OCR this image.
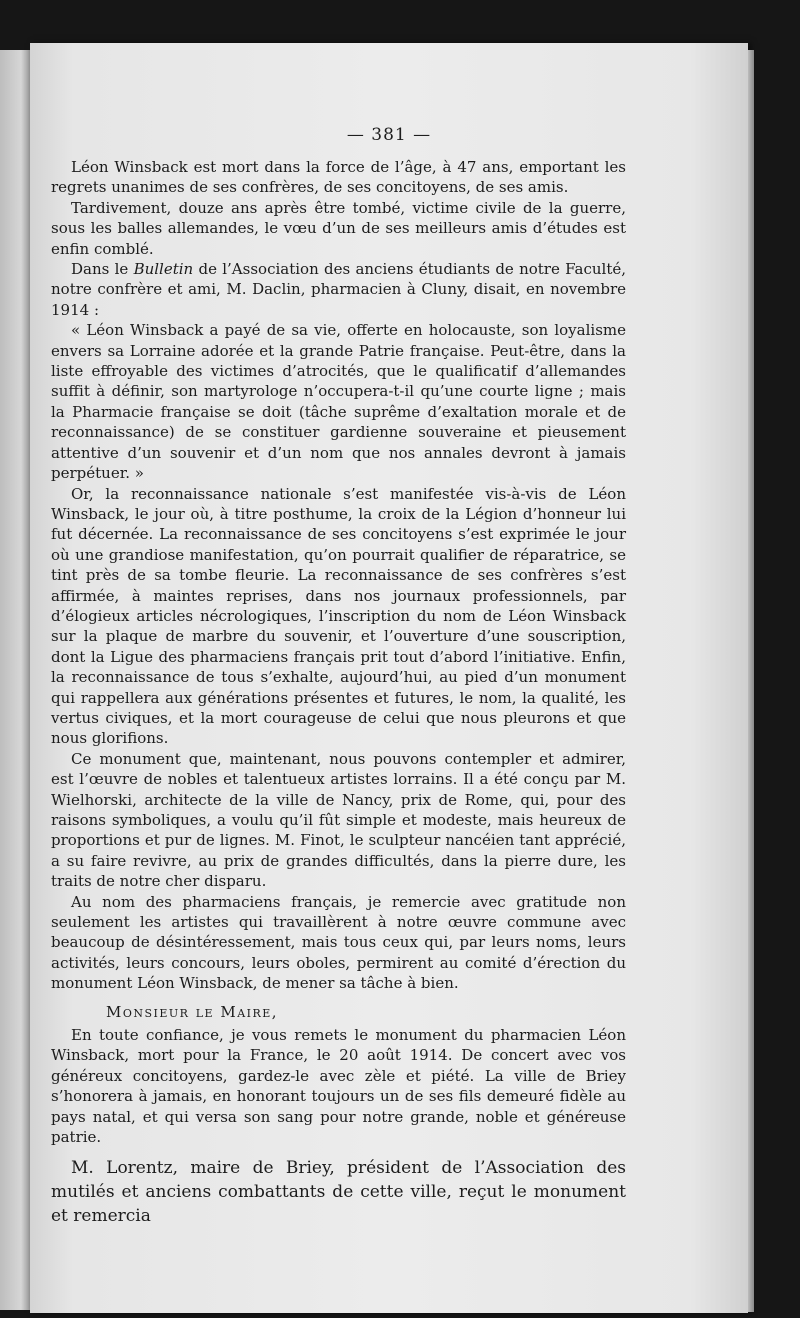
— 381 —

Léon Winsback est mort dans la force de l’âge, à 47 ans, emportant les regrets unanimes de ses confrères, de ses concitoyens, de ses amis.

Tardivement, douze ans après être tombé, victime civile de la guerre, sous les balles allemandes, le vœu d’un de ses meilleurs amis d’études est enfin comblé.

Dans le Bulletin de l’Association des anciens étudiants de notre Faculté, notre confrère et ami, M. Daclin, pharmacien à Cluny, disait, en novembre 1914 :

« Léon Winsback a payé de sa vie, offerte en holocauste, son loyalisme envers sa Lorraine adorée et la grande Patrie française. Peut-être, dans la liste effroyable des victimes d’atrocités, que le qualificatif d’allemandes suffit à définir, son martyrologe n’occupera-t-il qu’une courte ligne ; mais la Pharmacie française se doit (tâche suprême d’exaltation morale et de reconnaissance) de se constituer gardienne souveraine et pieusement attentive d’un souvenir et d’un nom que nos annales devront à jamais perpétuer. »

Or, la reconnaissance nationale s’est manifestée vis-à-vis de Léon Winsback, le jour où, à titre posthume, la croix de la Légion d’honneur lui fut décernée. La reconnaissance de ses concitoyens s’est exprimée le jour où une grandiose manifestation, qu’on pourrait qualifier de réparatrice, se tint près de sa tombe fleurie. La reconnaissance de ses confrères s’est affirmée, à maintes reprises, dans nos journaux professionnels, par d’élogieux articles nécrologiques, l’inscription du nom de Léon Winsback sur la plaque de marbre du souvenir, et l’ouverture d’une souscription, dont la Ligue des pharmaciens français prit tout d’abord l’initiative. Enfin, la reconnaissance de tous s’exhalte, aujourd’hui, au pied d’un monument qui rappellera aux générations présentes et futures, le nom, la qualité, les vertus civiques, et la mort courageuse de celui que nous pleurons et que nous glorifions.

Ce monument que, maintenant, nous pouvons contempler et admirer, est l’œuvre de nobles et talentueux artistes lorrains. Il a été conçu par M. Wielhorski, architecte de la ville de Nancy, prix de Rome, qui, pour des raisons symboliques, a voulu qu’il fût simple et modeste, mais heureux de proportions et pur de lignes. M. Finot, le sculpteur nancéien tant apprécié, a su faire revivre, au prix de grandes difficultés, dans la pierre dure, les traits de notre cher disparu.

Au nom des pharmaciens français, je remercie avec gratitude non seulement les artistes qui travaillèrent à notre œuvre commune avec beaucoup de désintéressement, mais tous ceux qui, par leurs noms, leurs activités, leurs concours, leurs oboles, permirent au comité d’érection du monument Léon Winsback, de mener sa tâche à bien.

Monsieur le Maire,

En toute confiance, je vous remets le monument du pharmacien Léon Winsback, mort pour la France, le 20 août 1914. De concert avec vos généreux concitoyens, gardez-le avec zèle et piété. La ville de Briey s’honorera à jamais, en honorant toujours un de ses fils demeuré fidèle au pays natal, et qui versa son sang pour notre grande, noble et généreuse patrie.

M. Lorentz, maire de Briey, président de l’Association des mutilés et anciens combattants de cette ville, reçut le monument et remercia
